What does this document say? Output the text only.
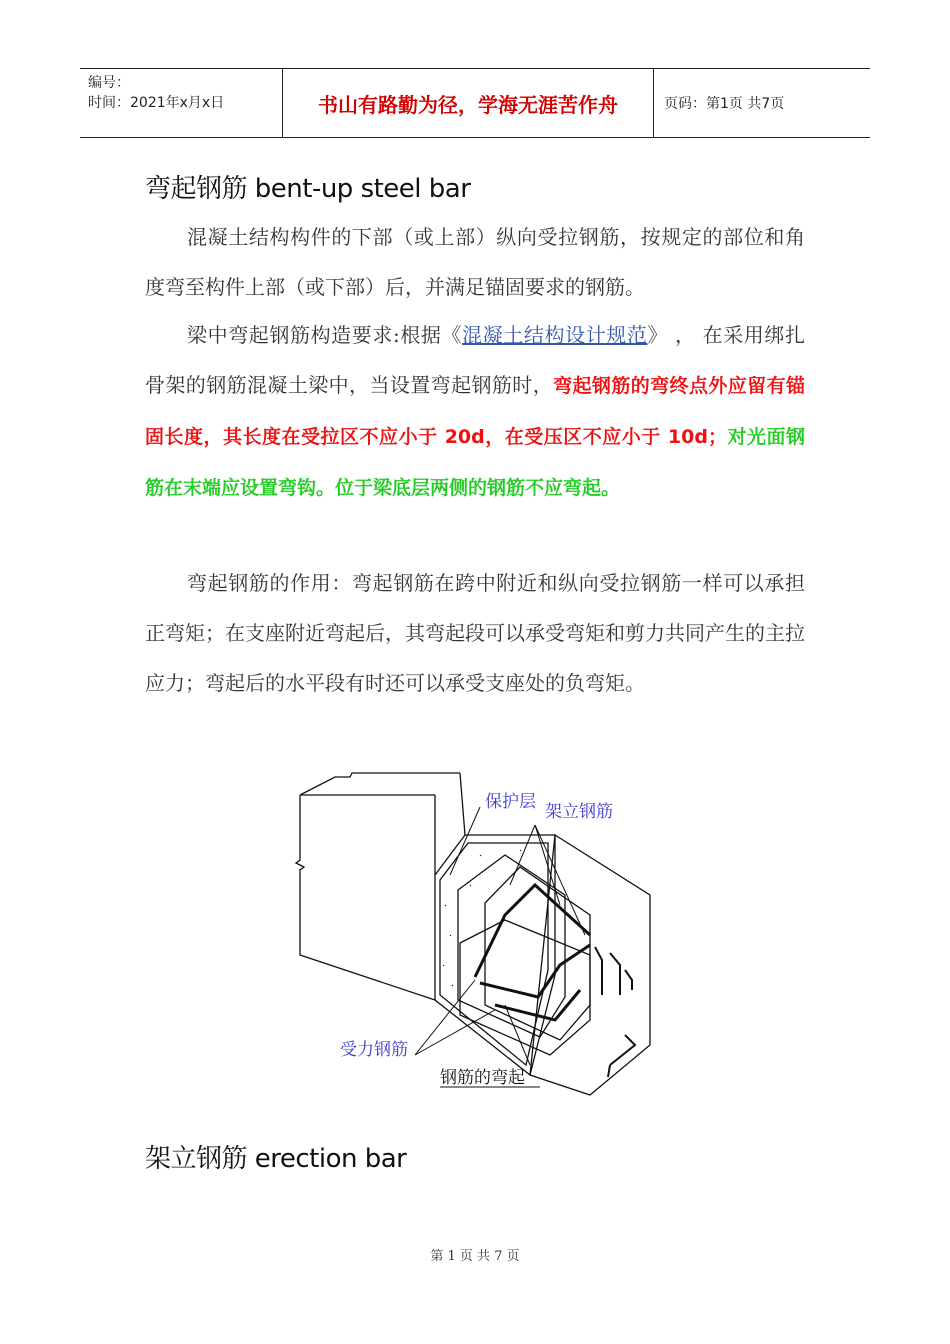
编号：
时间：2021年x月x日	书山有路勤为径，学海无涯苦作舟	页码：第1页 共7页
弯起钢筋 bent-up steel bar

混凝土结构构件的下部（或上部）纵向受拉钢筋，按规定的部位和角度弯至构件上部（或下部）后，并满足锚固要求的钢筋。

梁中弯起钢筋构造要求:根据《混凝土结构设计规范》 ， 在采用绑扎骨架的钢筋混凝土梁中，当设置弯起钢筋时，弯起钢筋的弯终点外应留有锚固长度，其长度在受拉区不应小于 20d，在受压区不应小于 10d；对光面钢筋在末端应设置弯钩。位于梁底层两侧的钢筋不应弯起。

弯起钢筋的作用：弯起钢筋在跨中附近和纵向受拉钢筋一样可以承担正弯矩；在支座附近弯起后，其弯起段可以承受弯矩和剪力共同产生的主拉应力；弯起后的水平段有时还可以承受支座处的负弯矩。

保护层 架立钢筋
受力钢筋
钢筋的弯起
架立钢筋 erection bar
第 1 页 共 7 页
